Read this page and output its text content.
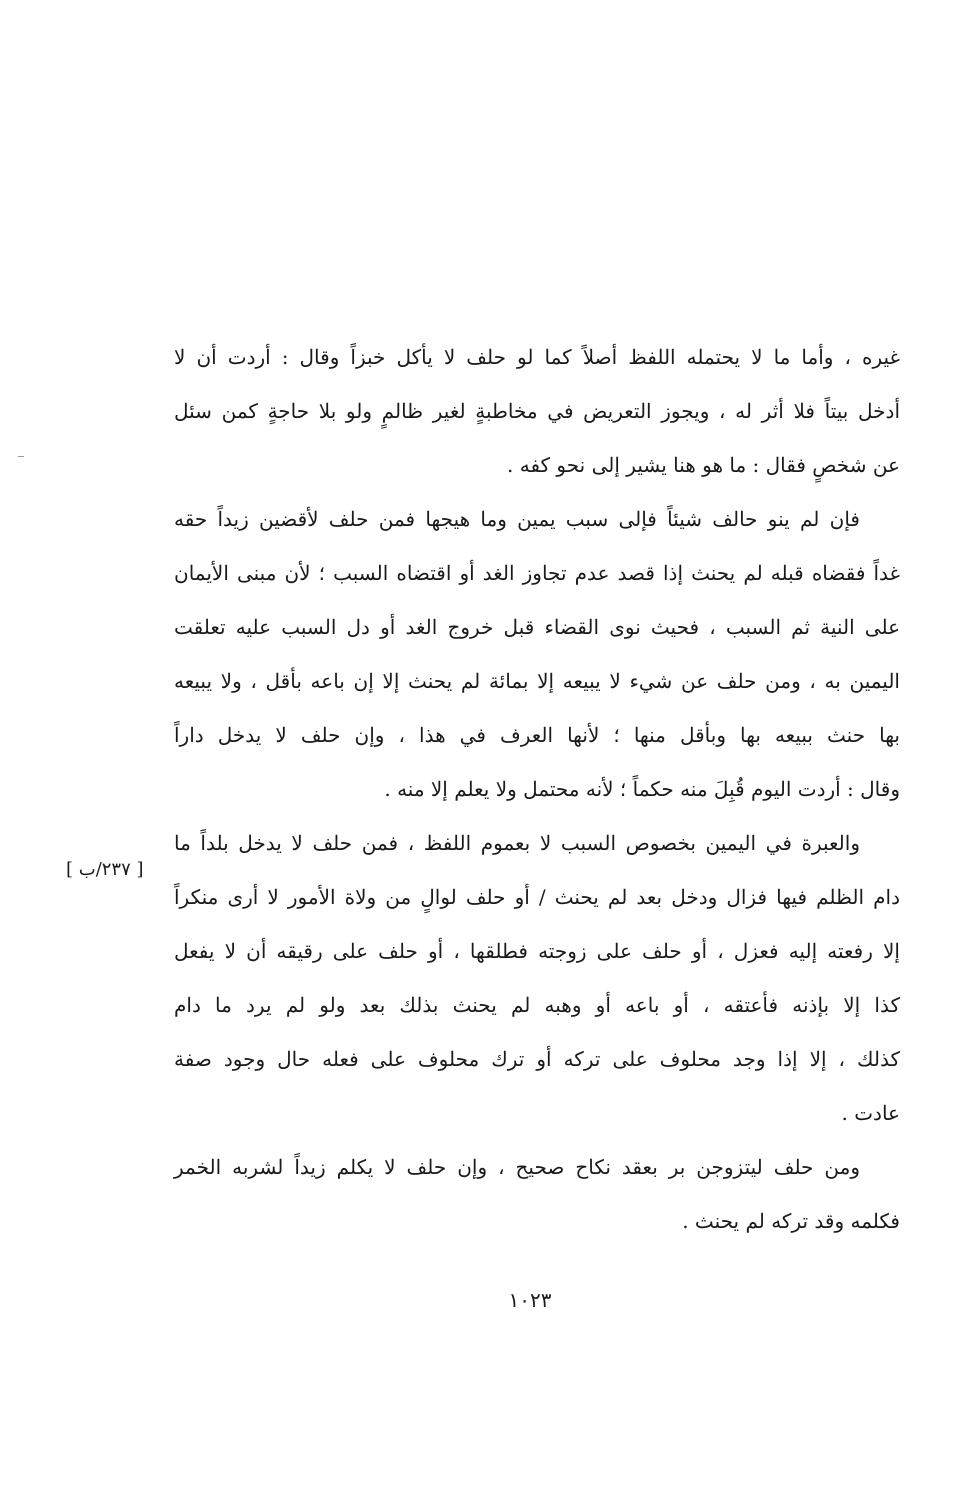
غيره ، وأما ما لا يحتمله اللفظ أصلاً كما لو حلف لا يأكل خبزاً وقال : أردت أن لا
أدخل بيتاً فلا أثر له ، ويجوز التعريض في مخاطبةٍ لغير ظالمٍ ولو بلا حاجةٍ كمن سئل
عن شخصٍ فقال : ما هو هنا يشير إلى نحو كفه .
فإن لم ينو حالف شيئاً فإلى سبب يمين وما هيجها فمن حلف لأقضين زيداً حقه
غداً فقضاه قبله لم يحنث إذا قصد عدم تجاوز الغد أو اقتضاه السبب ؛ لأن مبنى الأيمان
على النية ثم السبب ، فحيث نوى القضاء قبل خروج الغد أو دل السبب عليه تعلقت
اليمين به ، ومن حلف عن شيء لا يبيعه إلا بمائة لم يحنث إلا إن باعه بأقل ، ولا يبيعه
بها حنث ببيعه بها وبأقل منها ؛ لأنها العرف في هذا ، وإن حلف لا يدخل داراً
وقال : أردت اليوم قُبِلَ منه حكماً ؛ لأنه محتمل ولا يعلم إلا منه .
والعبرة في اليمين بخصوص السبب لا بعموم اللفظ ، فمن حلف لا يدخل بلداً ما
دام الظلم فيها فزال ودخل بعد لم يحنث / أو حلف لوالٍ من ولاة الأمور لا أرى منكراً
إلا رفعته إليه فعزل ، أو حلف على زوجته فطلقها ، أو حلف على رقيقه أن لا يفعل
كذا إلا بإذنه فأعتقه ، أو باعه أو وهبه لم يحنث بذلك بعد ولو لم يرد ما دام
كذلك ، إلا إذا وجد محلوف على تركه أو ترك محلوف على فعله حال وجود صفة
عادت .
ومن حلف ليتزوجن بر بعقد نكاح صحيح ، وإن حلف لا يكلم زيداً لشربه الخمر
فكلمه وقد تركه لم يحنث .
[ ٢٣٧/ب ]
١٠٢٣
